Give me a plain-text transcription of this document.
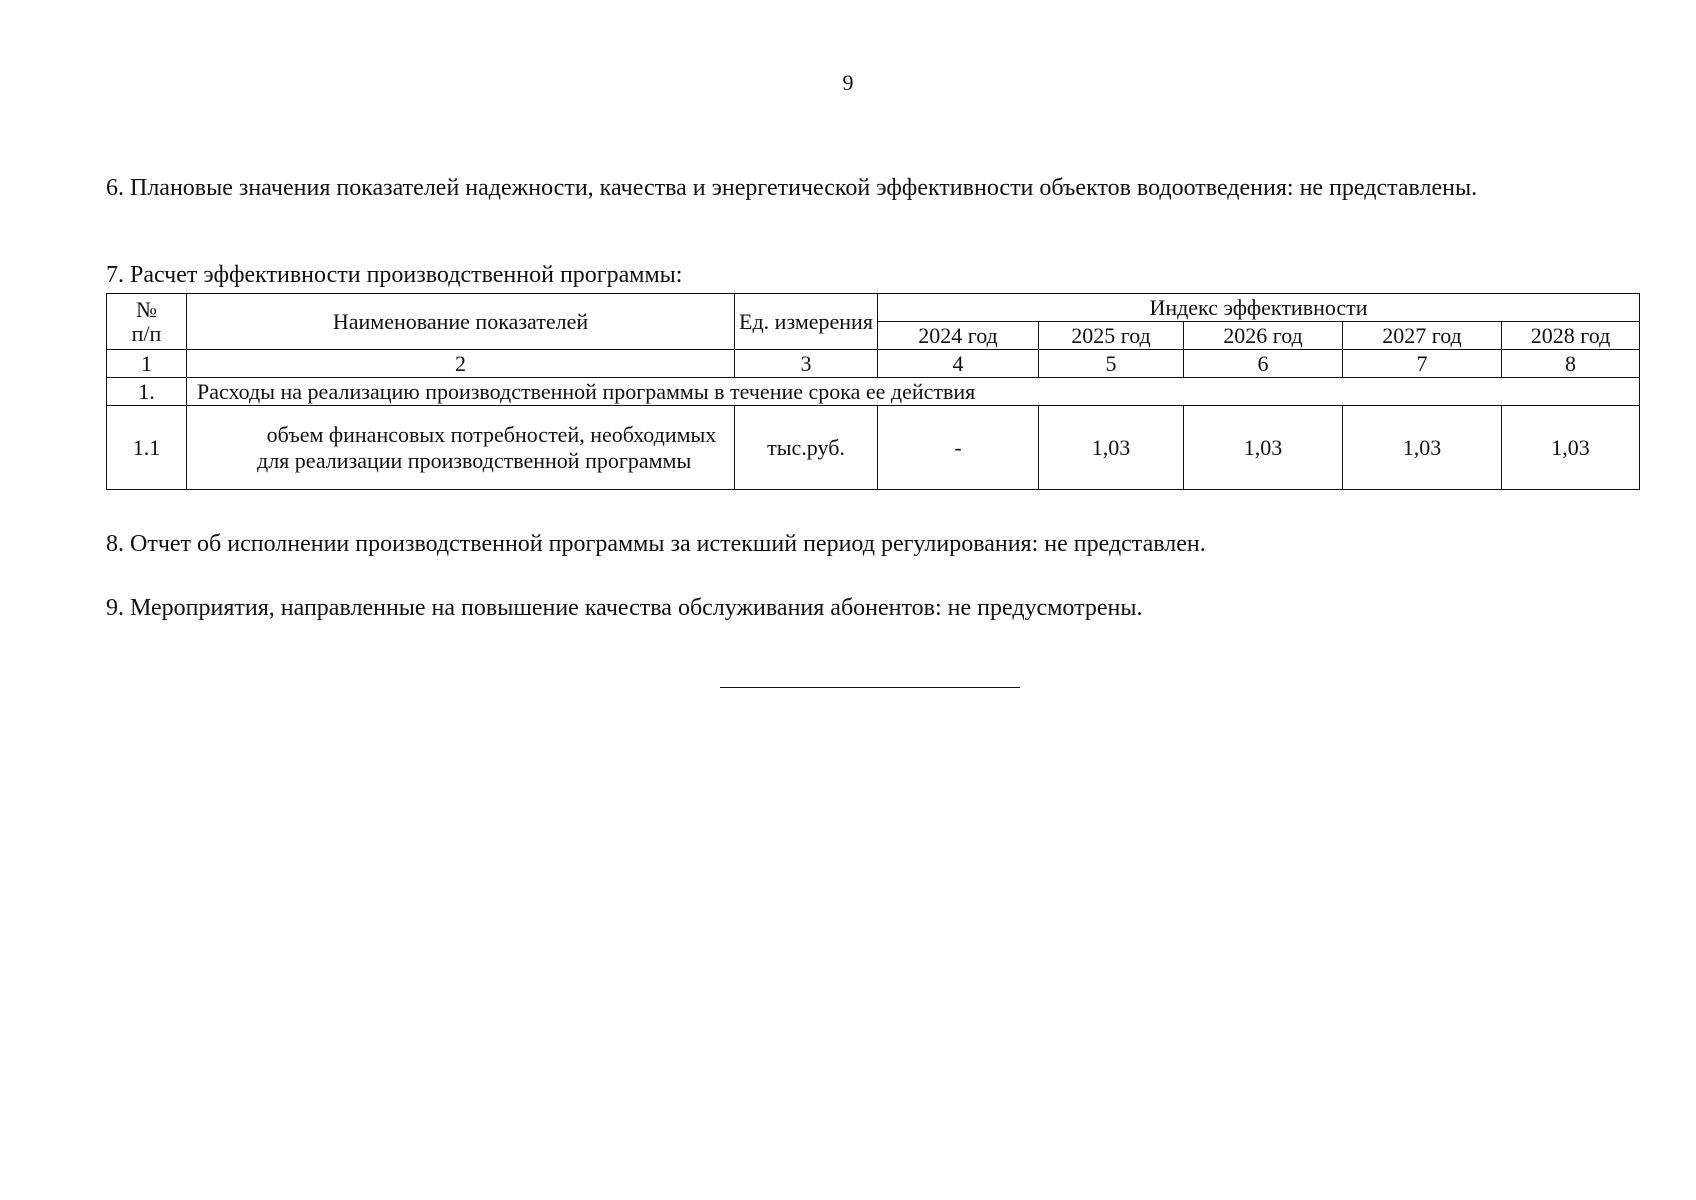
9
6. Плановые значения показателей надежности, качества и энергетической эффективности объектов водоотведения: не представлены.
7. Расчет эффективности производственной программы:
№
п/п	Наименование показателей	Ед. измерения	Индекс эффективности				
			2024 год	2025 год	2026 год	2027 год	2028 год
1	2	3	4	5	6	7	8
1.	Расходы на реализацию производственной программы в течение срока ее действия						
1.1	объем финансовых потребностей, необходимых для реализации производственной программы	тыс.руб.	-	1,03	1,03	1,03	1,03
8. Отчет об исполнении производственной программы за истекший период регулирования: не представлен.
9. Мероприятия, направленные на повышение качества обслуживания абонентов: не предусмотрены.
